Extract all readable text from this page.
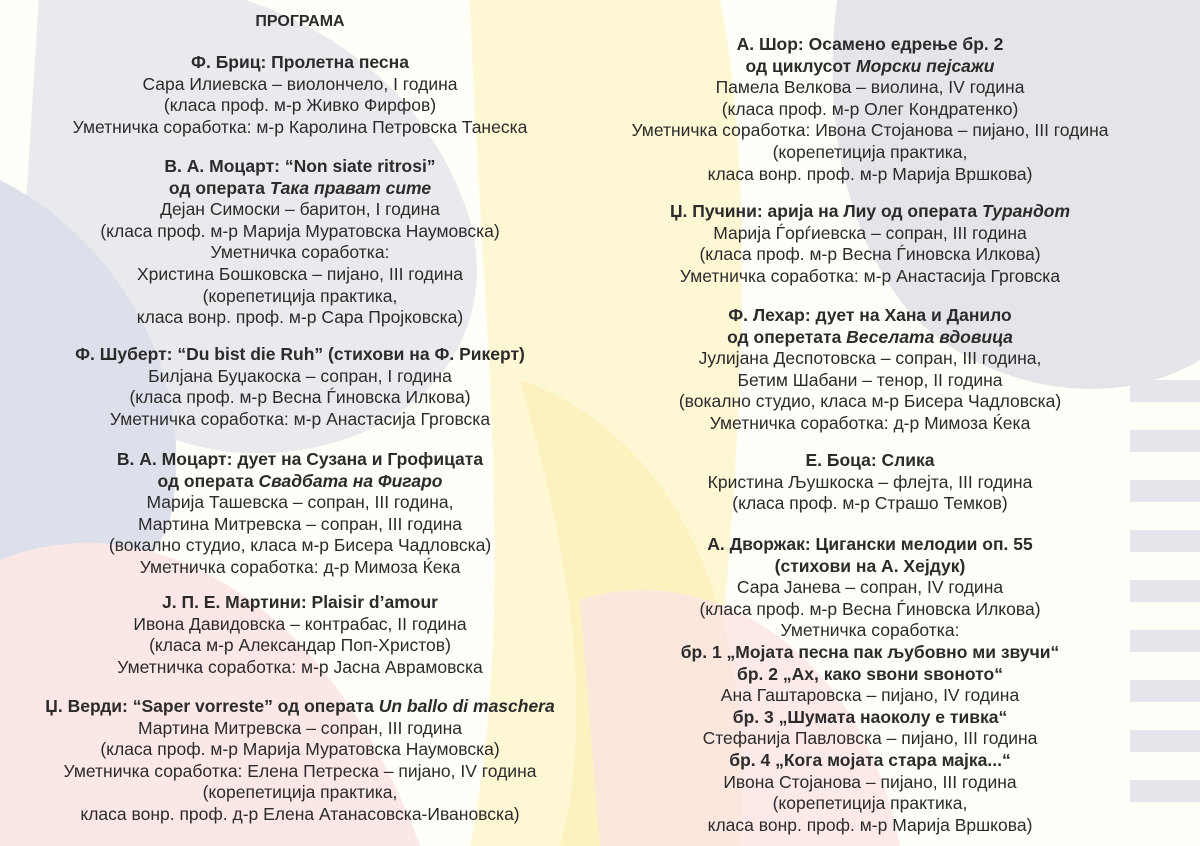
ПРОГРАМА
Ф. Бриц: Пролетна песна
Сара Илиевска – виолончело, I година
(класа проф. м-р Живко Фирфов)
Уметничка соработка: м-р Каролина Петровска Танеска
В. А. Моцарт: “Non siate ritrosi”
од операта Така прават сите
Дејан Симоски – баритон, I година
(класа проф. м-р Марија Муратовска Наумовска)
Уметничка соработка:
Христина Бошковска – пијано, III година
(корепетиција практика,
класа вонр. проф. м-р Сара Пројковска)
Ф. Шуберт: “Du bist die Ruh” (стихови на Ф. Рикерт)
Билјана Буџакоска – сопран, I година
(класа проф. м-р Весна Ѓиновска Илкова)
Уметничка соработка: м-р Анастасија Грговска
В. А. Моцарт: дует на Сузана и Грофицата
од операта Свадбата на Фигаро
Марија Ташевска – сопран, III година,
Мартина Митревска – сопран, III година
(вокално студио, класа м-р Бисера Чадловска)
Уметничка соработка: д-р Мимоза Ќека
Ј. П. Е. Мартини: Plaisir d’amour
Ивона Давидовска – контрабас, II година
(класа м-р Александар Поп-Христов)
Уметничка соработка: м-р Јасна Аврамовска
Џ. Верди: “Saper vorreste” од операта Un ballo di maschera
Мартина Митревска – сопран, III година
(класа проф. м-р Марија Муратовска Наумовска)
Уметничка соработка: Елена Петреска – пијано, IV година
(корепетиција практика,
класа вонр. проф. д-р Елена Атанасовска-Ивановска)
А. Шор: Осамено едрење бр. 2
од циклусот Морски пејсажи
Памела Велкова – виолина, IV година
(класа проф. м-р Олег Кондратенко)
Уметничка соработка: Ивона Стојанова – пијано, III година
(корепетиција практика,
класа вонр. проф. м-р Марија Вршкова)
Џ. Пучини: арија на Лиу од операта Турандот
Марија Ѓорѓиевска – сопран, III година
(класа проф. м-р Весна Ѓиновска Илкова)
Уметничка соработка: м-р Анастасија Грговска
Ф. Лехар: дует на Хана и Данило
од оперетата Веселата вдовица
Јулијана Деспотовска – сопран, III година,
Бетим Шабани – тенор, II година
(вокално студио, класа м-р Бисера Чадловска)
Уметничка соработка: д-р Мимоза Ќека
Е. Боца: Слика
Кристина Љушкоска – флејта, III година
(класа проф. м-р Страшо Темков)
А. Дворжак: Цигански мелодии оп. 55
(стихови на А. Хејдук)
Сара Јанева – сопран, IV година
(класа проф. м-р Весна Ѓиновска Илкова)
Уметничка соработка:
бр. 1 „Мојата песна пак љубовно ми звучи“
бр. 2 „Ах, како ѕвони ѕвоното“
Ана Гаштаровска – пијано, IV година
бр. 3 „Шумата наоколу е тивка“
Стефанија Павловска – пијано, III година
бр. 4 „Кога мојата стара мајка...“
Ивона Стојанова – пијано, III година
(корепетиција практика,
класа вонр. проф. м-р Марија Вршкова)
